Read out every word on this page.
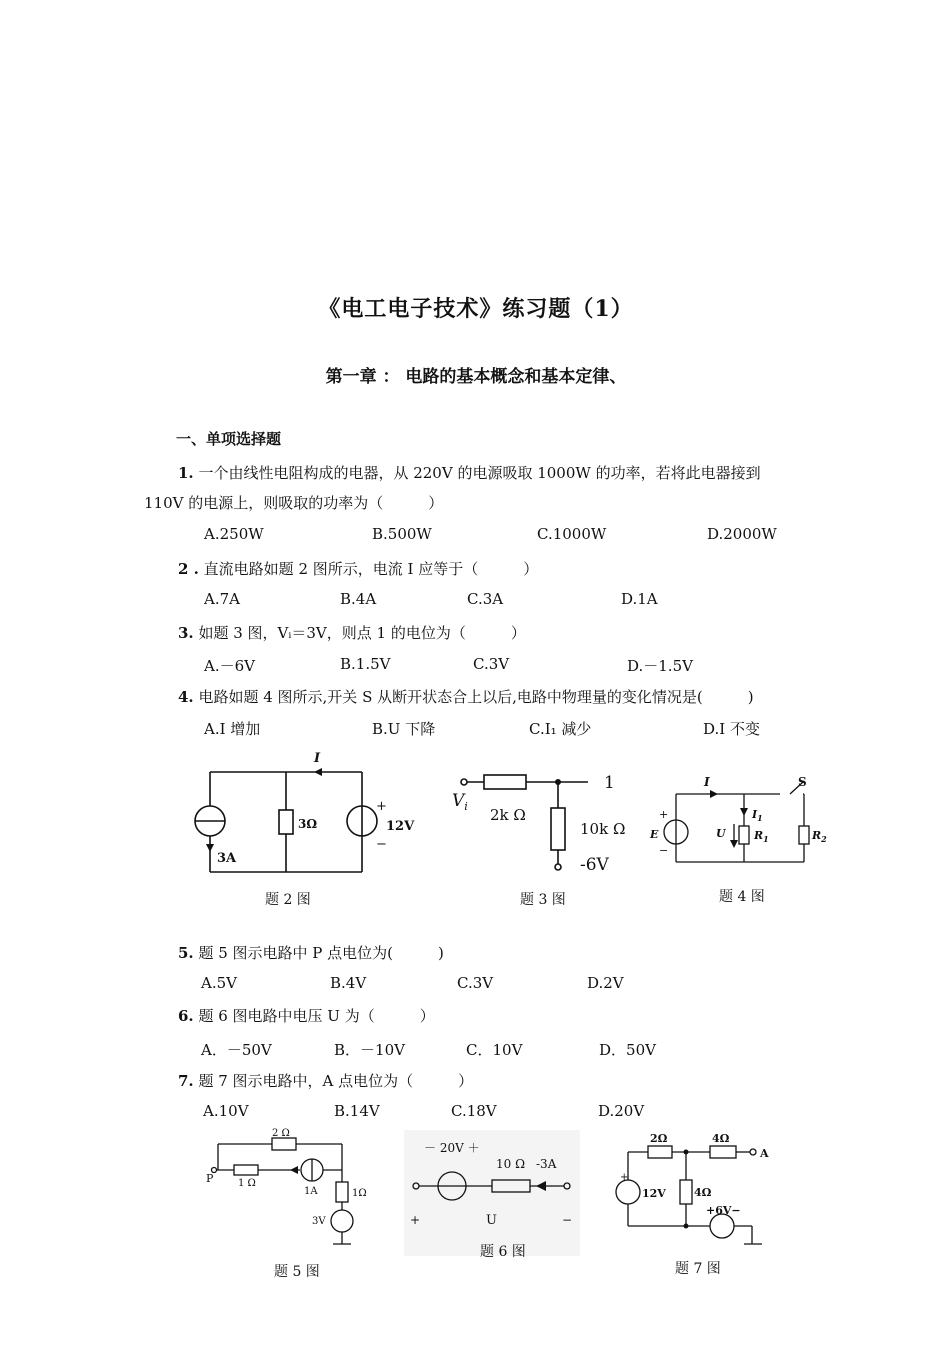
《电工电子技术》练习题（1）
第一章 ： 电路的基本概念和基本定律、
一、单项选择题
1. 一个由线性电阻构成的电器，从 220V 的电源吸取 1000W 的功率，若将此电器接到
110V 的电源上，则吸取的功率为（　　　）
A.250W	B.500W	C.1000W	D.2000W
2 . 直流电路如题 2 图所示，电流 I 应等于（　　　）
A.7A	B.4A	C.3A	D.1A
3. 如题 3 图，Vᵢ＝3V，则点 1 的电位为（　　　）
A.－6V	B.1.5V	C.3V	D.－1.5V
4. 电路如题 4 图所示,开关 S 从断开状态合上以后,电路中物理量的变化情况是(　　　)
A.I 增加	B.U 下降	C.I₁ 减少	D.I 不变
I
3A
3Ω	12V
+
−
题 2 图
$V_i$ 2k Ω
10k Ω
1
-6V
题 3 图
I	S
$I_1$
U	$R_1$	$R_2$
E
+
−
题 4 图
5. 题 5 图示电路中 P 点电位为(　　　)
A.5V	B.4V	C.3V	D.2V
6. 题 6 图电路中电压 U 为（　　　）
A．－50V	B．－10V	C．10V	D．50V
7. 题 7 图示电路中，A 点电位为（　　　）
A.10V	B.14V	C.18V	D.20V
2 Ω
1 Ω
1A	1Ω
3V
P
题 5 图
－ 20V ＋
10 Ω -3A
U
+	−
题 6 图
2Ω	4Ω
4Ω
A
12V
+6V−
+
题 7 图
